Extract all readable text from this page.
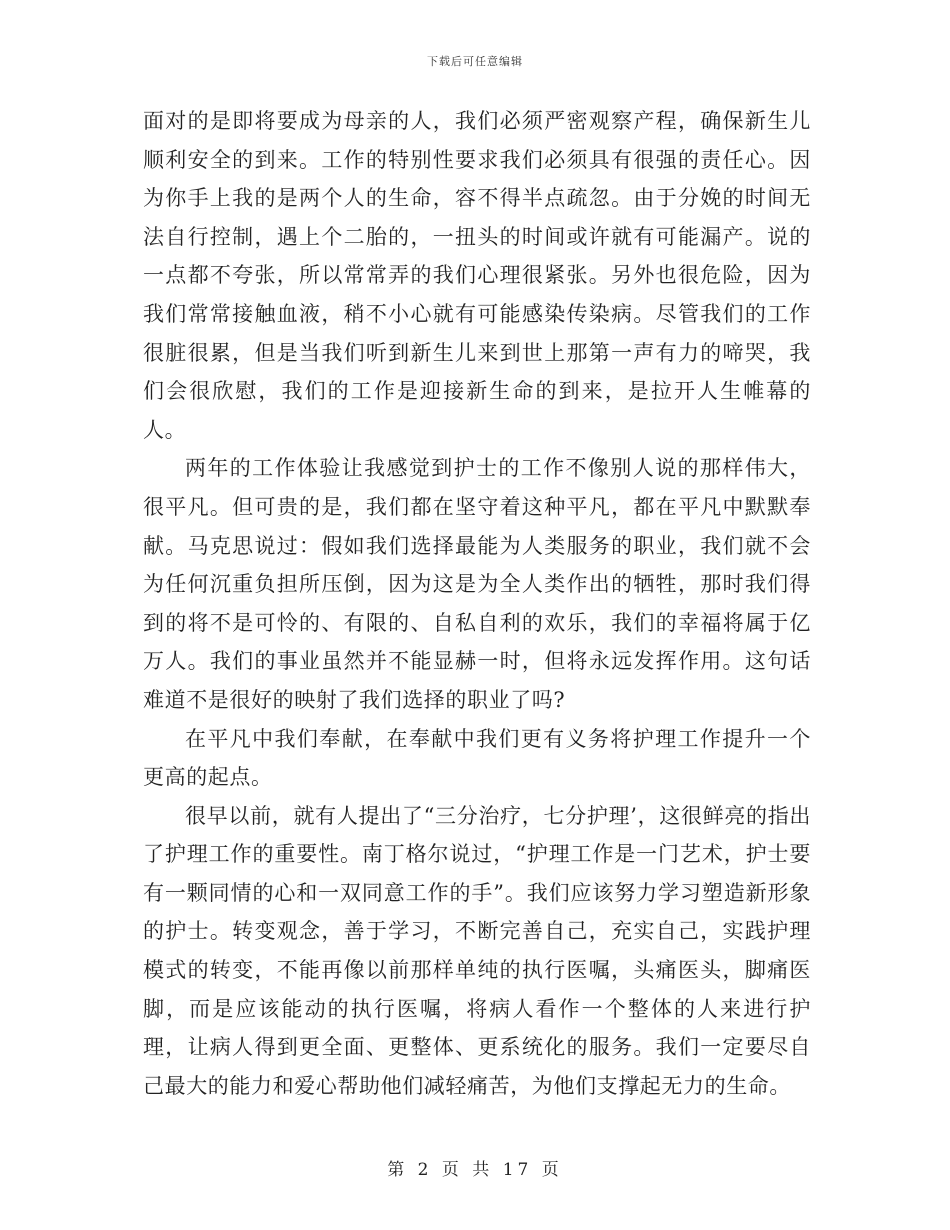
下载后可任意编辑

面对的是即将要成为母亲的人，我们必须严密观察产程，确保新生儿顺利安全的到来。工作的特别性要求我们必须具有很强的责任心。因为你手上我的是两个人的生命，容不得半点疏忽。由于分娩的时间无法自行控制，遇上个二胎的，一扭头的时间或许就有可能漏产。说的一点都不夸张，所以常常弄的我们心理很紧张。另外也很危险，因为我们常常接触血液，稍不小心就有可能感染传染病。尽管我们的工作很脏很累，但是当我们听到新生儿来到世上那第一声有力的啼哭，我们会很欣慰，我们的工作是迎接新生命的到来，是拉开人生帷幕的人。

两年的工作体验让我感觉到护士的工作不像别人说的那样伟大，很平凡。但可贵的是，我们都在坚守着这种平凡，都在平凡中默默奉献。马克思说过：假如我们选择最能为人类服务的职业，我们就不会为任何沉重负担所压倒，因为这是为全人类作出的牺牲，那时我们得到的将不是可怜的、有限的、自私自利的欢乐，我们的幸福将属于亿万人。我们的事业虽然并不能显赫一时，但将永远发挥作用。这句话难道不是很好的映射了我们选择的职业了吗?

在平凡中我们奉献，在奉献中我们更有义务将护理工作提升一个更高的起点。

很早以前，就有人提出了“三分治疗，七分护理’，这很鲜亮的指出了护理工作的重要性。南丁格尔说过，“护理工作是一门艺术，护士要有一颗同情的心和一双同意工作的手”。我们应该努力学习塑造新形象的护士。转变观念，善于学习，不断完善自己，充实自己，实践护理模式的转变，不能再像以前那样单纯的执行医嘱，头痛医头，脚痛医脚，而是应该能动的执行医嘱，将病人看作一个整体的人来进行护理，让病人得到更全面、更整体、更系统化的服务。我们一定要尽自己最大的能力和爱心帮助他们减轻痛苦，为他们支撑起无力的生命。

第 2 页 共 17 页
